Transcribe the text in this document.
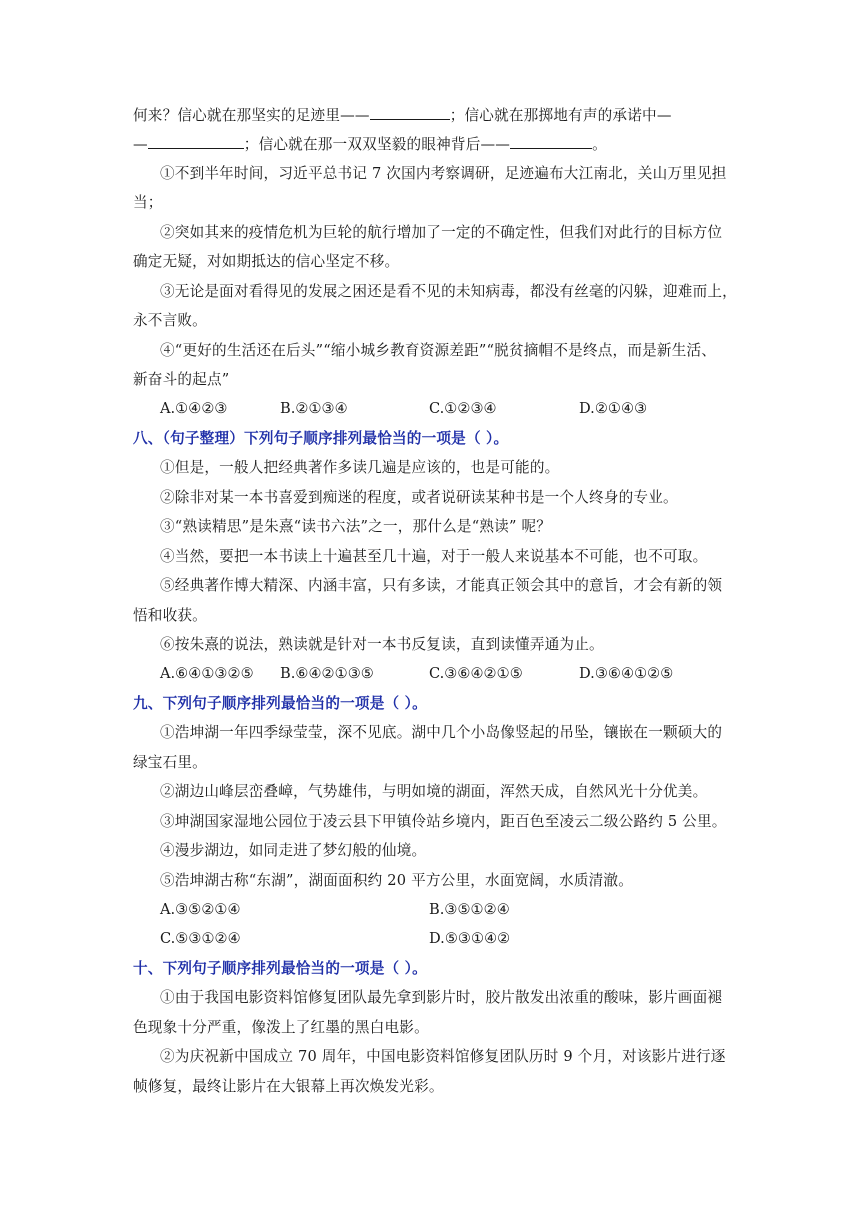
何来？信心就在那坚实的足迹里——	；信心就在那掷地有声的承诺中—
—	；信心就在那一双双坚毅的眼神背后——	。
①不到半年时间，习近平总书记 7 次国内考察调研，足迹遍布大江南北，关山万里见担
当；
②突如其来的疫情危机为巨轮的航行增加了一定的不确定性，但我们对此行的目标方位
确定无疑，对如期抵达的信心坚定不移。
③无论是面对看得见的发展之困还是看不见的未知病毒，都没有丝毫的闪躲，迎难而上，
永不言败。
④“更好的生活还在后头”“缩小城乡教育资源差距”“脱贫摘帽不是终点，而是新生活、
新奋斗的起点”
A.①④②③	B.②①③④	C.①②③④	D.②①④③
八、（句子整理）下列句子顺序排列最恰当的一项是（ ）。
①但是，一般人把经典著作多读几遍是应该的，也是可能的。
②除非对某一本书喜爱到痴迷的程度，或者说研读某种书是一个人终身的专业。
③“熟读精思”是朱熹“读书六法”之一，那什么是“熟读” 呢？
④当然，要把一本书读上十遍甚至几十遍，对于一般人来说基本不可能，也不可取。
⑤经典著作博大精深、内涵丰富，只有多读，才能真正领会其中的意旨，才会有新的领
悟和收获。
⑥按朱熹的说法，熟读就是针对一本书反复读，直到读懂弄通为止。
A.⑥④①③②⑤ B.⑥④②①③⑤	C.③⑥④②①⑤	D.③⑥④①②⑤
九、下列句子顺序排列最恰当的一项是（ ）。
①浩坤湖一年四季绿莹莹，深不见底。湖中几个小岛像竖起的吊坠，镶嵌在一颗硕大的
绿宝石里。
②湖边山峰层峦叠嶂，气势雄伟，与明如境的湖面，浑然天成，自然风光十分优美。
③坤湖国家湿地公园位于凌云县下甲镇伶站乡境内，距百色至凌云二级公路约 5 公里。
④漫步湖边，如同走进了梦幻般的仙境。
⑤浩坤湖古称“东湖”，湖面面积约 20 平方公里，水面宽阔，水质清澈。
A.③⑤②①④	B.③⑤①②④
C.⑤③①②④	D.⑤③①④②
十、下列句子顺序排列最恰当的一项是（ ）。
①由于我国电影资料馆修复团队最先拿到影片时，胶片散发出浓重的酸味，影片画面褪
色现象十分严重，像泼上了红墨的黑白电影。
②为庆祝新中国成立 70 周年，中国电影资料馆修复团队历时 9 个月，对该影片进行逐
帧修复，最终让影片在大银幕上再次焕发光彩。
